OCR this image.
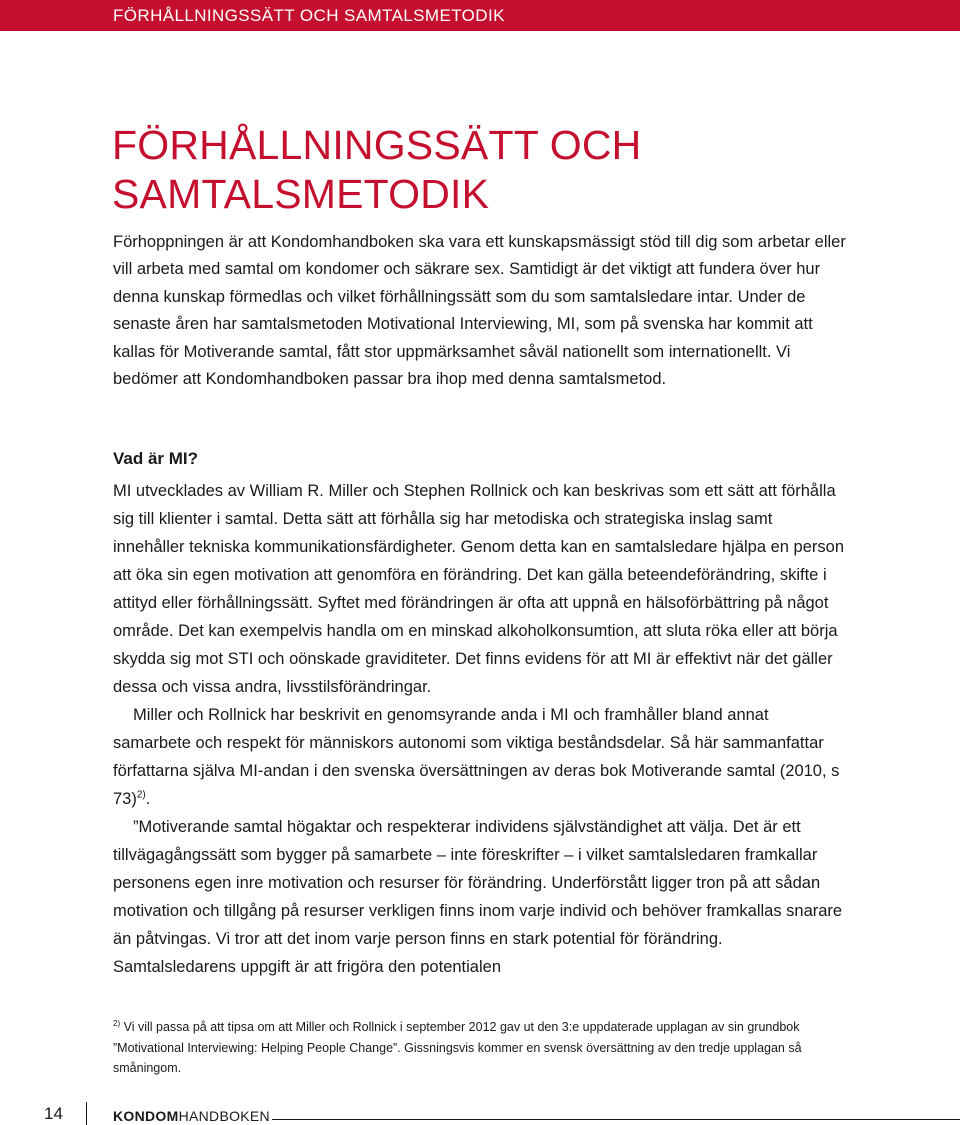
FÖRHÅLLNINGSSÄTT OCH SAMTALSMETODIK
FÖRHÅLLNINGSSÄTT OCH
SAMTALSMETODIK

Förhoppningen är att Kondomhandboken ska vara ett kunskapsmässigt stöd till dig som arbetar eller vill arbeta med samtal om kondomer och säkrare sex. Samtidigt är det viktigt att fundera över hur denna kunskap förmedlas och vilket förhållningssätt som du som samtalsledare intar. Under de senaste åren har samtalsmetoden Motivational Interviewing, MI, som på svenska har kommit att kallas för Motiverande samtal, fått stor uppmärksamhet såväl nationellt som internationellt. Vi bedömer att Kondomhandboken passar bra ihop med denna samtalsmetod.

Vad är MI?

MI utvecklades av William R. Miller och Stephen Rollnick och kan beskrivas som ett sätt att förhålla sig till klienter i samtal. Detta sätt att förhålla sig har metodiska och strategiska inslag samt innehåller tekniska kommunikationsfärdigheter. Genom detta kan en samtalsledare hjälpa en person att öka sin egen motivation att genomföra en förändring. Det kan gälla beteendeförändring, skifte i attityd eller förhållningssätt. Syftet med förändringen är ofta att uppnå en hälsoförbättring på något område. Det kan exempelvis handla om en minskad alkoholkonsumtion, att sluta röka eller att börja skydda sig mot STI och oönskade graviditeter. Det finns evidens för att MI är effektivt när det gäller dessa och vissa andra, livsstilsförändringar.

Miller och Rollnick har beskrivit en genomsyrande anda i MI och framhåller bland annat samarbete och respekt för människors autonomi som viktiga beståndsdelar. Så här sammanfattar författarna själva MI-andan i den svenska översättningen av deras bok Motiverande samtal (2010, s 73)$^{2)}$.

”Motiverande samtal högaktar och respekterar individens självständighet att välja. Det är ett tillvägagångssätt som bygger på samarbete – inte föreskrifter – i vilket samtalsledaren framkallar personens egen inre motivation och resurser för förändring. Underförstått ligger tron på att sådan motivation och tillgång på resurser verkligen finns inom varje individ och behöver framkallas snarare än påtvingas. Vi tror att det inom varje person finns en stark potential för förändring. Samtalsledarens uppgift är att frigöra den potentialen

$^{2)}$ Vi vill passa på att tipsa om att Miller och Rollnick i september 2012 gav ut den 3:e uppdaterade upplagan av sin grundbok ”Motivational Interviewing: Helping People Change”. Gissningsvis kommer en svensk översättning av den tredje upplagan så småningom.

14	KONDOMHANDBOKEN
